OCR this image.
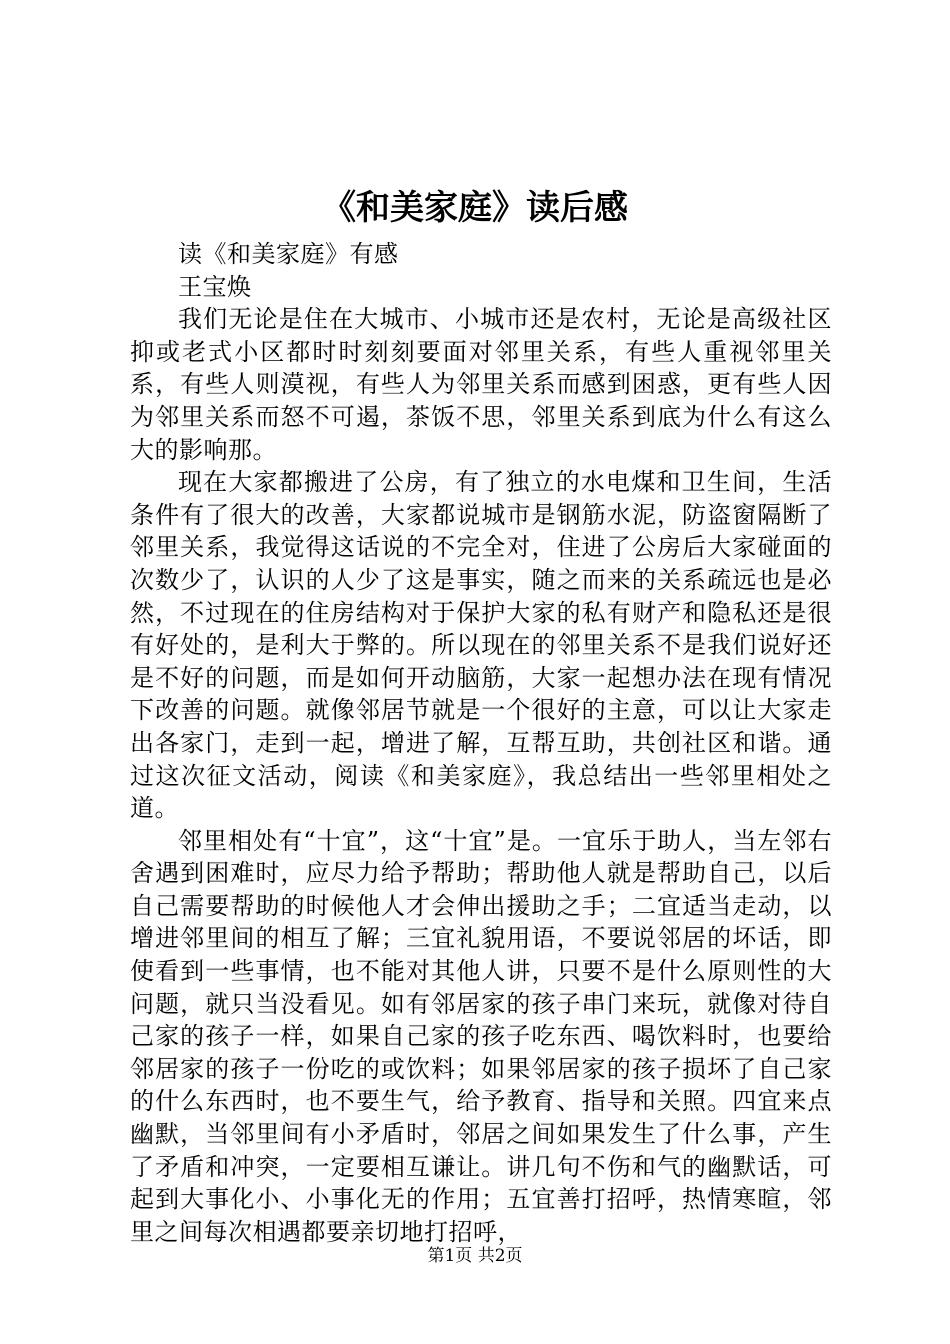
《和美家庭》读后感

读《和美家庭》有感

王宝焕

我们无论是住在大城市、小城市还是农村，无论是高级社区抑或老式小区都时时刻刻要面对邻里关系，有些人重视邻里关系，有些人则漠视，有些人为邻里关系而感到困惑，更有些人因为邻里关系而怒不可遏，茶饭不思，邻里关系到底为什么有这么大的影响那。

现在大家都搬进了公房，有了独立的水电煤和卫生间，生活条件有了很大的改善，大家都说城市是钢筋水泥，防盗窗隔断了邻里关系，我觉得这话说的不完全对，住进了公房后大家碰面的次数少了，认识的人少了这是事实，随之而来的关系疏远也是必然，不过现在的住房结构对于保护大家的私有财产和隐私还是很有好处的，是利大于弊的。所以现在的邻里关系不是我们说好还是不好的问题，而是如何开动脑筋，大家一起想办法在现有情况下改善的问题。就像邻居节就是一个很好的主意，可以让大家走出各家门，走到一起，增进了解，互帮互助，共创社区和谐。通过这次征文活动，阅读《和美家庭》，我总结出一些邻里相处之道。

邻里相处有“十宜”，这“十宜”是。一宜乐于助人，当左邻右舍遇到困难时，应尽力给予帮助；帮助他人就是帮助自己，以后自己需要帮助的时候他人才会伸出援助之手；二宜适当走动，以增进邻里间的相互了解；三宜礼貌用语，不要说邻居的坏话，即使看到一些事情，也不能对其他人讲，只要不是什么原则性的大问题，就只当没看见。如有邻居家的孩子串门来玩，就像对待自己家的孩子一样，如果自己家的孩子吃东西、喝饮料时，也要给邻居家的孩子一份吃的或饮料；如果邻居家的孩子损坏了自己家的什么东西时，也不要生气，给予教育、指导和关照。四宜来点幽默，当邻里间有小矛盾时，邻居之间如果发生了什么事，产生了矛盾和冲突，一定要相互谦让。讲几句不伤和气的幽默话，可起到大事化小、小事化无的作用；五宜善打招呼，热情寒暄，邻里之间每次相遇都要亲切地打招呼，

第1页 共2页
